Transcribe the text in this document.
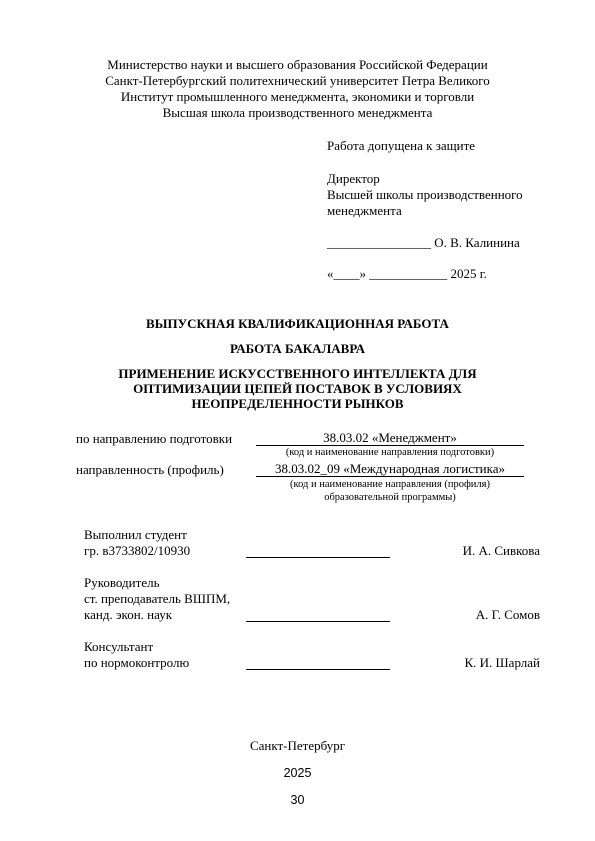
Министерство науки и высшего образования Российской Федерации
Санкт-Петербургский политехнический университет Петра Великого
Институт промышленного менеджмента, экономики и торговли
Высшая школа производственного менеджмента
Работа допущена к защите
Директор
Высшей школы производственного
менеджмента
________________ О. В. Калинина
«____» ____________ 2025 г.
ВЫПУСКНАЯ КВАЛИФИКАЦИОННАЯ РАБОТА
РАБОТА БАКАЛАВРА
ПРИМЕНЕНИЕ ИСКУССТВЕННОГО ИНТЕЛЛЕКТА ДЛЯ
ОПТИМИЗАЦИИ ЦЕПЕЙ ПОСТАВОК В УСЛОВИЯХ
НЕОПРЕДЕЛЕННОСТИ РЫНКОВ
по направлению подготовки	38.03.02 «Менеджмент»
(код и наименование направления подготовки)
направленность (профиль)	38.03.02_09 «Международная логистика»
(код и наименование направления (профиля)
образовательной программы)
Выполнил студент
гр. в3733802/10930	И. А. Сивкова
Руководитель
ст. преподаватель ВШПМ,
канд. экон. наук	А. Г. Сомов
Консультант
по нормоконтролю	К. И. Шарлай
Санкт-Петербург
2025
30
